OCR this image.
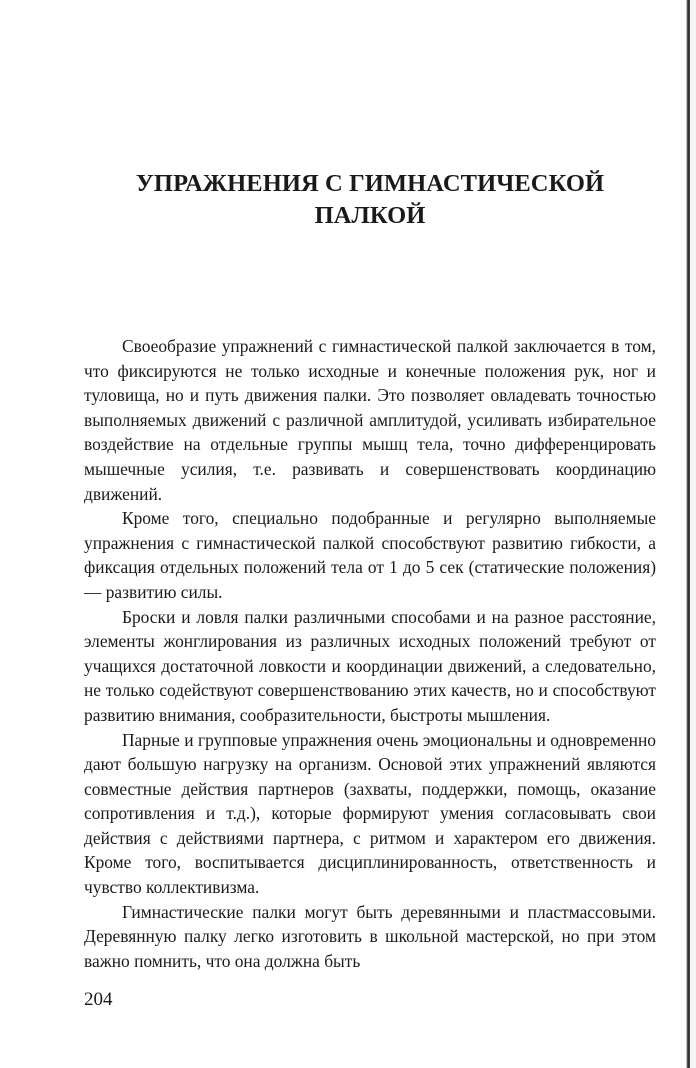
УПРАЖНЕНИЯ С ГИМНАСТИЧЕСКОЙ
ПАЛКОЙ

Своеобразие упражнений с гимнастической палкой заключается в том, что фиксируются не только исходные и конечные положения рук, ног и туловища, но и путь движения палки. Это позволяет овладевать точностью выполняемых движений с различной амплитудой, усиливать избирательное воздействие на отдельные группы мышц тела, точно дифференцировать мышечные усилия, т.е. развивать и совершенствовать координацию движений.

Кроме того, специально подобранные и регулярно выполняемые упражнения с гимнастической палкой способствуют развитию гибкости, а фиксация отдельных положений тела от 1 до 5 сек (статические положения) — развитию силы.

Броски и ловля палки различными способами и на разное расстояние, элементы жонглирования из различных исходных положений требуют от учащихся достаточной ловкости и координации движений, а следовательно, не только содействуют совершенствованию этих качеств, но и способствуют развитию внимания, сообразительности, быстроты мышления.

Парные и групповые упражнения очень эмоциональны и одновременно дают большую нагрузку на организм. Основой этих упражнений являются совместные действия партнеров (захваты, поддержки, помощь, оказание сопротивления и т.д.), которые формируют умения согласовывать свои действия с действиями партнера, с ритмом и характером его движения. Кроме того, воспитывается дисциплинированность, ответственность и чувство коллективизма.

Гимнастические палки могут быть деревянными и пластмассовыми. Деревянную палку легко изготовить в школьной мастерской, но при этом важно помнить, что она должна быть

204
